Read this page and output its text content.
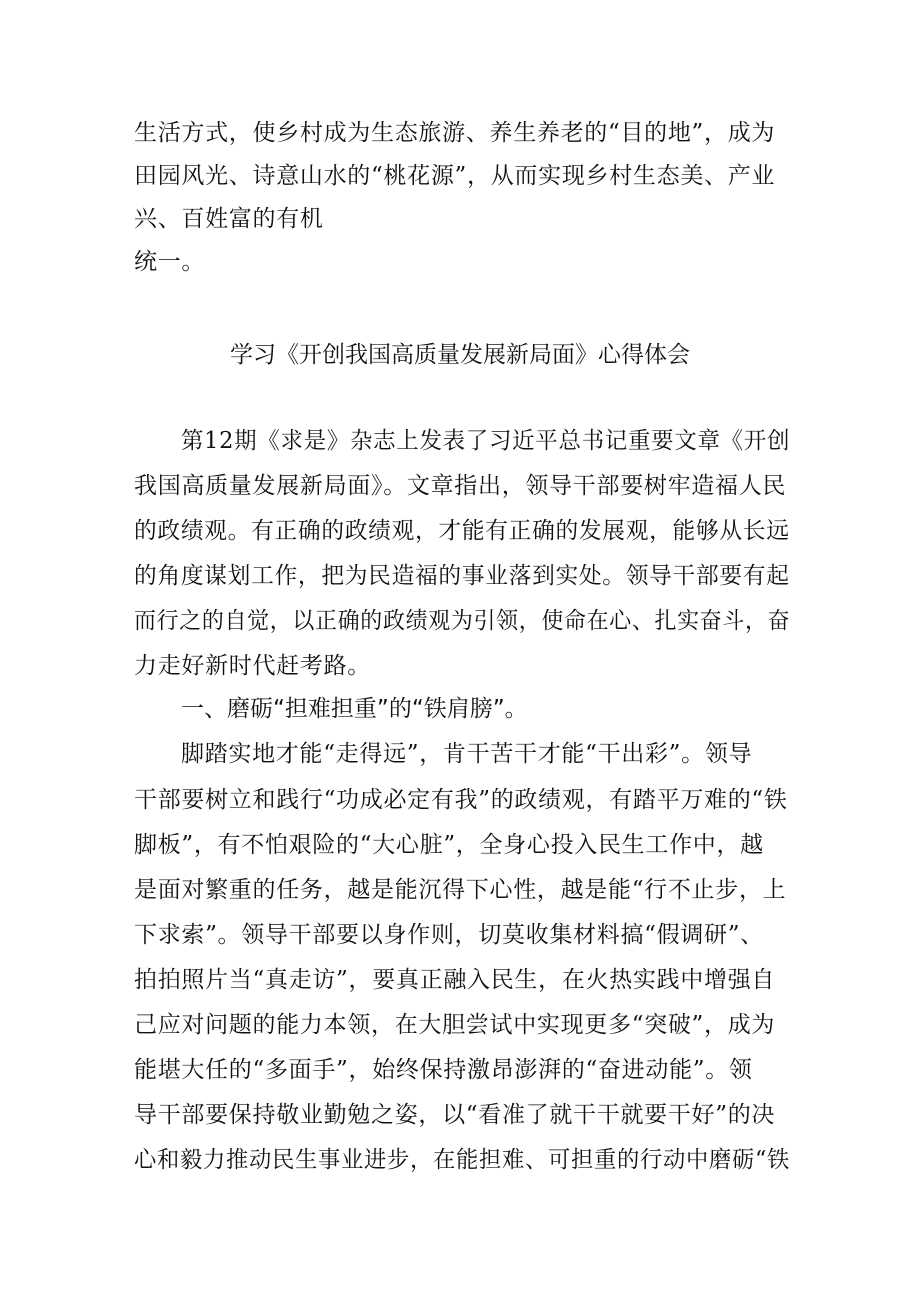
生活方式，使乡村成为生态旅游、养生养老的“目的地”，成为
田园风光、诗意山水的“桃花源”，从而实现乡村生态美、产业
兴、百姓富的有机
统一。
学习《开创我国高质量发展新局面》心得体会
第12期《求是》杂志上发表了习近平总书记重要文章《开创
我国高质量发展新局面》。文章指出，领导干部要树牢造福人民
的政绩观。有正确的政绩观，才能有正确的发展观，能够从长远
的角度谋划工作，把为民造福的事业落到实处。领导干部要有起
而行之的自觉，以正确的政绩观为引领，使命在心、扎实奋斗，奋
力走好新时代赶考路。
一、磨砺“担难担重”的“铁肩膀”。
脚踏实地才能“走得远”，肯干苦干才能“干出彩”。领导
干部要树立和践行“功成必定有我”的政绩观，有踏平万难的“铁
脚板”，有不怕艰险的“大心脏”，全身心投入民生工作中，越
是面对繁重的任务，越是能沉得下心性，越是能“行不止步，上
下求索”。领导干部要以身作则，切莫收集材料搞“假调研”、
拍拍照片当“真走访”，要真正融入民生，在火热实践中增强自
己应对问题的能力本领，在大胆尝试中实现更多“突破”，成为
能堪大任的“多面手”，始终保持激昂澎湃的“奋进动能”。领
导干部要保持敬业勤勉之姿，以“看准了就干干就要干好”的决
心和毅力推动民生事业进步，在能担难、可担重的行动中磨砺“铁
